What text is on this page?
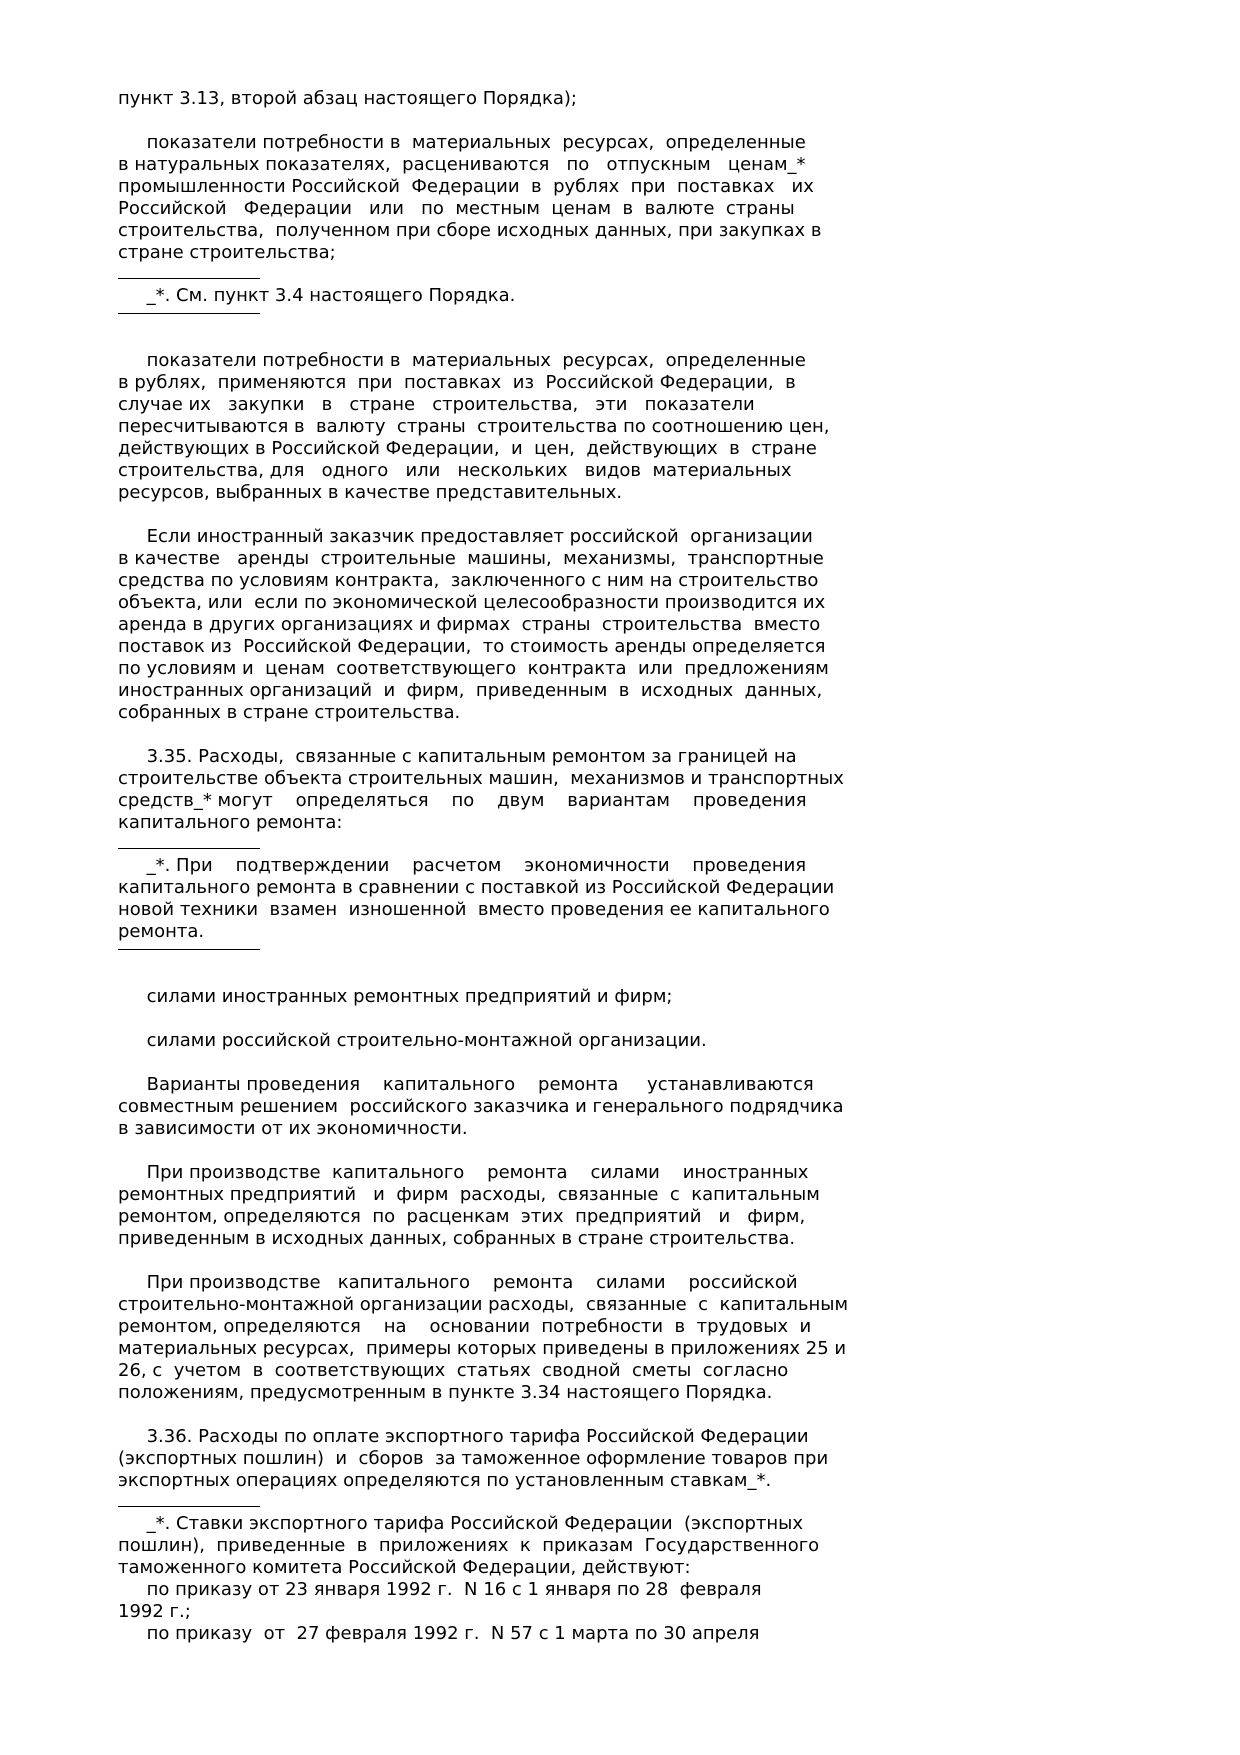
пункт 3.13, второй абзац настоящего Порядка);
показатели потребности в  материальных  ресурсах,  определенные
в натуральных показателях,  расцениваются   по   отпускным   ценам_*
промышленности Российской  Федерации  в  рублях  при  поставках   их
Российской   Федерации   или   по  местным  ценам  в  валюте  страны
строительства,  полученном при сборе исходных данных, при закупках в
стране строительства;
_*. См. пункт 3.4 настоящего Порядка.
показатели потребности в  материальных  ресурсах,  определенные
в рублях,  применяются  при  поставках  из  Российской Федерации,  в
случае их   закупки   в   стране   строительства,   эти   показатели
пересчитываются в  валюту  страны  строительства по соотношению цен,
действующих в Российской Федерации,  и  цен,  действующих  в  стране
строительства, для   одного   или   нескольких   видов  материальных
ресурсов, выбранных в качестве представительных.
Если иностранный заказчик предоставляет российской  организации
в качестве   аренды  строительные  машины,  механизмы,  транспортные
средства по условиям контракта,  заключенного с ним на строительство
объекта, или  если по экономической целесообразности производится их
аренда в других организациях и фирмах  страны  строительства  вместо
поставок из  Российской Федерации,  то стоимость аренды определяется
по условиям и  ценам  соответствующего  контракта  или  предложениям
иностранных организаций  и  фирм,  приведенным  в  исходных  данных,
собранных в стране строительства.
3.35. Расходы,  связанные с капитальным ремонтом за границей на
строительстве объекта строительных машин,  механизмов и транспортных
средств_* могут    определяться    по    двум    вариантам    проведения
капитального ремонта:
_*. При    подтверждении    расчетом    экономичности    проведения
капитального ремонта в сравнении с поставкой из Российской Федерации
новой техники  взамен  изношенной  вместо проведения ее капитального
ремонта.
силами иностранных ремонтных предприятий и фирм;
силами российской строительно-монтажной организации.
Варианты проведения    капитального    ремонта     устанавливаются
совместным решением  российского заказчика и генерального подрядчика
в зависимости от их экономичности.
При производстве  капитального    ремонта    силами    иностранных
ремонтных предприятий   и  фирм  расходы,  связанные  с  капитальным
ремонтом, определяются  по  расценкам  этих  предприятий   и   фирм,
приведенным в исходных данных, собранных в стране строительства.
При производстве   капитального    ремонта    силами    российской
строительно-монтажной организации расходы,  связанные  с  капитальным
ремонтом, определяются    на    основании  потребности  в  трудовых  и
материальных ресурсах,  примеры которых приведены в приложениях 25 и
26, с  учетом  в  соответствующих  статьях  сводной  сметы  согласно
положениям, предусмотренным в пункте 3.34 настоящего Порядка.
3.36. Расходы по оплате экспортного тарифа Российской Федерации
(экспортных пошлин)  и  сборов  за таможенное оформление товаров при
экспортных операциях определяются по установленным ставкам_*.
_*. Ставки экспортного тарифа Российской Федерации  (экспортных
пошлин),  приведенные  в  приложениях  к  приказам  Государственного
таможенного комитета Российской Федерации, действуют:
по приказу от 23 января 1992 г.  N 16 с 1 января по 28  февраля
1992 г.;
по приказу  от  27 февраля 1992 г.  N 57 с 1 марта по 30 апреля
